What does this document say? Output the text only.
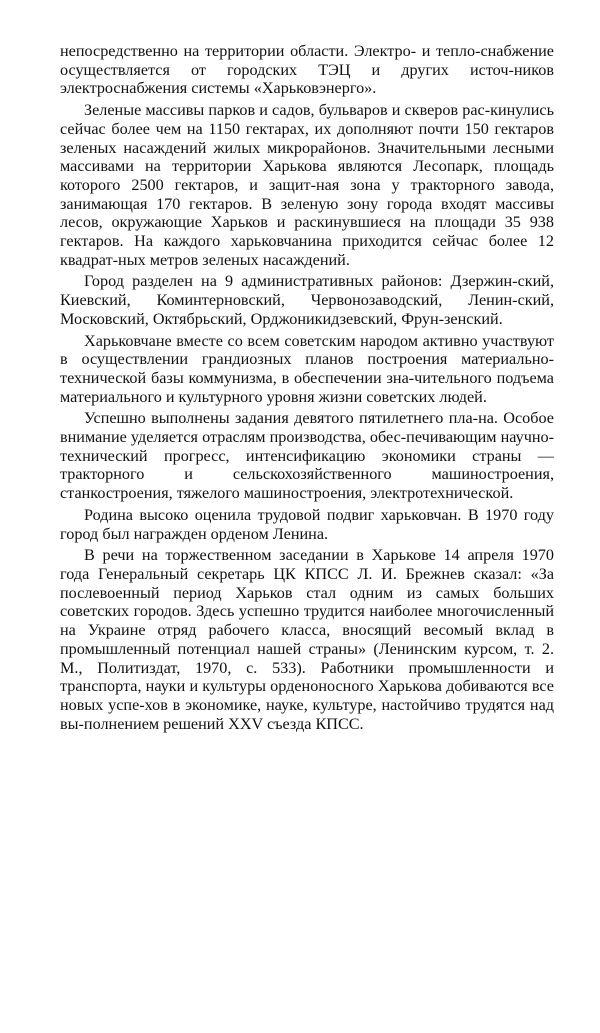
непосредственно на территории области. Электро- и тепло-снабжение осуществляется от городских ТЭЦ и других источ-ников электроснабжения системы «Харьковэнерго».

Зеленые массивы парков и садов, бульваров и скверов рас-кинулись сейчас более чем на 1150 гектарах, их дополняют почти 150 гектаров зеленых насаждений жилых микрорайонов. Значительными лесными массивами на территории Харькова являются Лесопарк, площадь которого 2500 гектаров, и защит-ная зона у тракторного завода, занимающая 170 гектаров. В зеленую зону города входят массивы лесов, окружающие Харьков и раскинувшиеся на площади 35 938 гектаров. На каждого харьковчанина приходится сейчас более 12 квадрат-ных метров зеленых насаждений.

Город разделен на 9 административных районов: Дзержин-ский, Киевский, Коминтерновский, Червонозаводский, Ленин-ский, Московский, Октябрьский, Орджоникидзевский, Фрун-зенский.

Харьковчане вместе со всем советским народом активно участвуют в осуществлении грандиозных планов построения материально-технической базы коммунизма, в обеспечении зна-чительного подъема материального и культурного уровня жизни советских людей.

Успешно выполнены задания девятого пятилетнего пла-на. Особое внимание уделяется отраслям производства, обес-печивающим научно-технический прогресс, интенсификацию экономики страны — тракторного и сельскохозяйственного машиностроения, станкостроения, тяжелого машиностроения, электротехнической.

Родина высоко оценила трудовой подвиг харьковчан. В 1970 году город был награжден орденом Ленина.

В речи на торжественном заседании в Харькове 14 апреля 1970 года Генеральный секретарь ЦК КПСС Л. И. Брежнев сказал: «За послевоенный период Харьков стал одним из самых больших советских городов. Здесь успешно трудится наиболее многочисленный на Украине отряд рабочего класса, вносящий весомый вклад в промышленный потенциал нашей страны» (Ленинским курсом, т. 2. М., Политиздат, 1970, с. 533). Работники промышленности и транспорта, науки и культуры орденоносного Харькова добиваются все новых успе-хов в экономике, науке, культуре, настойчиво трудятся над вы-полнением решений XXV съезда КПСС.
